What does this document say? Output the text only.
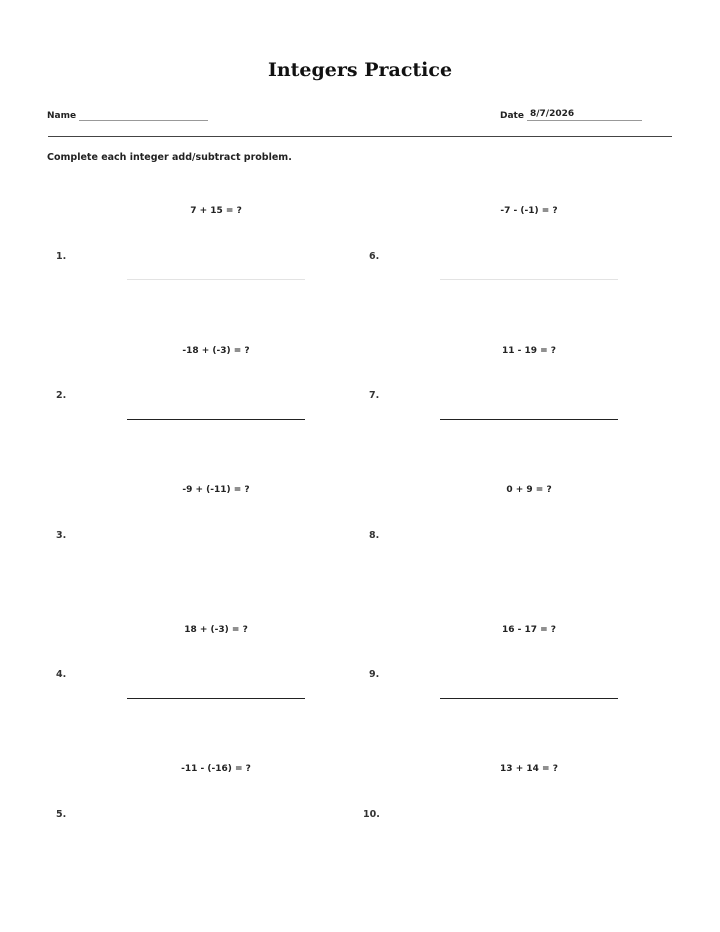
Integers Practice
Name	Date 8/7/2026
Complete each integer add/subtract problem.
7 + 15 = ?
1.
-18 + (-3) = ?
2.
-9 + (-11) = ?
3.
18 + (-3) = ?
4.
-11 - (-16) = ?
5.
-7 - (-1) = ?
6.
11 - 19 = ?
7.
0 + 9 = ?
8.
16 - 17 = ?
9.
13 + 14 = ?
10.
